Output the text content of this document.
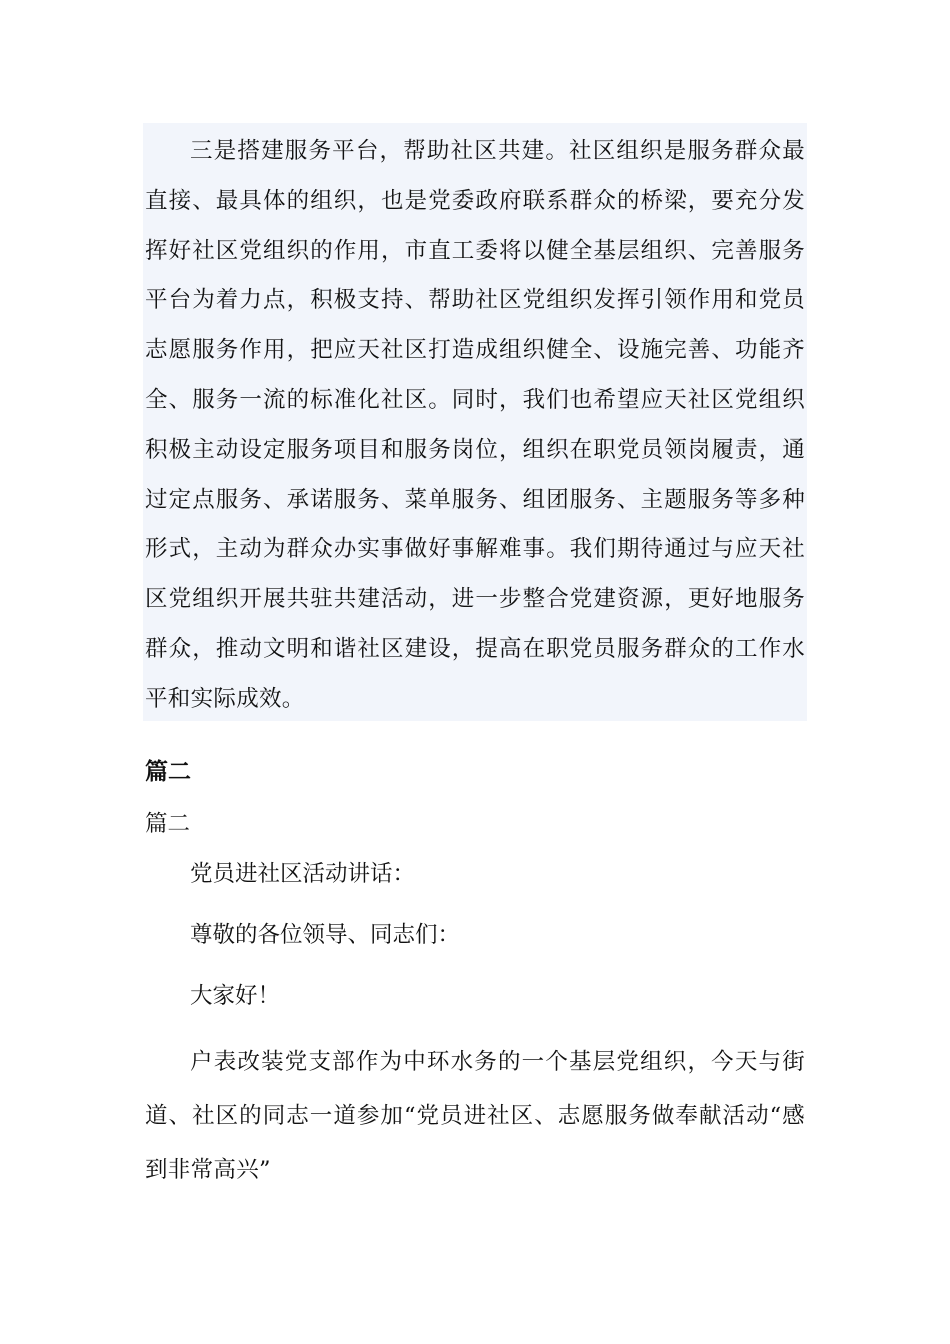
三是搭建服务平台，帮助社区共建。社区组织是服务群众最直接、最具体的组织，也是党委政府联系群众的桥梁，要充分发挥好社区党组织的作用，市直工委将以健全基层组织、完善服务平台为着力点，积极支持、帮助社区党组织发挥引领作用和党员志愿服务作用，把应天社区打造成组织健全、设施完善、功能齐全、服务一流的标准化社区。同时，我们也希望应天社区党组织积极主动设定服务项目和服务岗位，组织在职党员领岗履责，通过定点服务、承诺服务、菜单服务、组团服务、主题服务等多种形式，主动为群众办实事做好事解难事。我们期待通过与应天社区党组织开展共驻共建活动，进一步整合党建资源，更好地服务群众，推动文明和谐社区建设，提高在职党员服务群众的工作水平和实际成效。

篇二

篇二

党员进社区活动讲话：

尊敬的各位领导、同志们：

大家好！

户表改装党支部作为中环水务的一个基层党组织，今天与街道、社区的同志一道参加“党员进社区、志愿服务做奉献活动“感到非常高兴”
